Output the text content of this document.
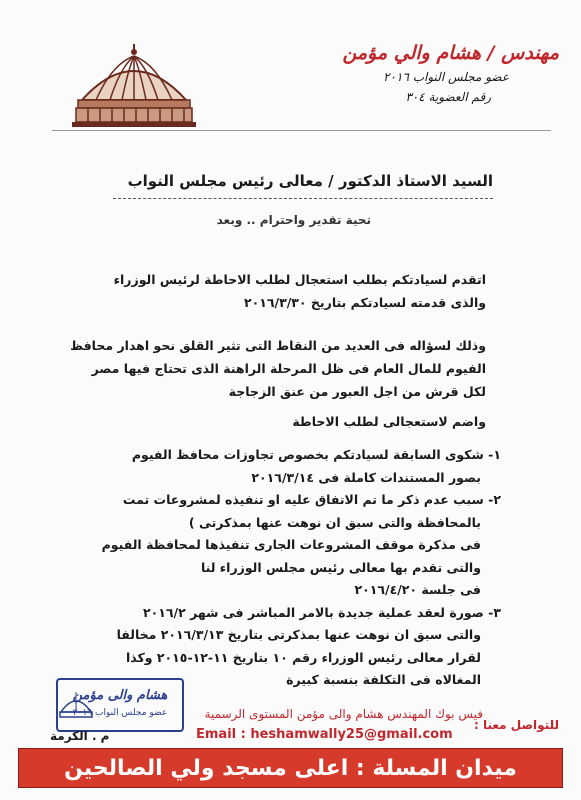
مهندس / هشام والي مؤمن
عضو مجلس النواب ٢٠١٦
رقم العضوية ٣٠٤
السيد الاستاذ الدكتور / معالى رئيس مجلس النواب
تحية تقدير واحترام .. وبعد
اتقدم لسيادتكم بطلب استعجال لطلب الاحاطة لرئيس الوزراء
والذى قدمته لسيادتكم بتاريخ ٢٠١٦/٣/٣٠
وذلك لسؤاله فى العديد من النقاط التى تثير القلق نحو اهدار محافظ
الفيوم للمال العام فى ظل المرحلة الراهنة الذى تحتاج فيها مصر
لكل قرش من اجل العبور من عنق الزجاجة
واضم لاستعجالى لطلب الاحاطة
١- شكوى السابقة لسيادتكم بخصوص تجاوزات محافظ الفيوم
بصور المستندات كاملة فى ٢٠١٦/٣/١٤
٢- سبب عدم ذكر ما تم الاتفاق عليه او تنفيذه لمشروعات تمت
بالمحافظة والتى سبق ان نوهت عنها بمذكرتى )
فى مذكرة موقف المشروعات الجارى تنفيذها لمحافظة الفيوم
والتى تقدم بها معالى رئيس مجلس الوزراء لنا
فى جلسة ٢٠١٦/٤/٢٠
٣- صورة لعقد عملية جديدة بالامر المباشر فى شهر ٢٠١٦/٢
والتى سبق ان نوهت عنها بمذكرتى بتاريخ ٢٠١٦/٣/١٣ مخالفا
لقرار معالى رئيس الوزراء رقم ١٠ بتاريخ ١١-١٢-٢٠١٥ وكذا
المغالاه فى التكلفة بنسبة كبيرة
هشام والى مؤمن
عضو مجلس النواب ٢٠١٦	فيس بوك المهندس هشام والى مؤمن المستوى الرسمية
للتواصل معنا :
Email : heshamwally25@gmail.com
م . الكرمة
ميدان المسلة : اعلى مسجد ولي الصالحين
